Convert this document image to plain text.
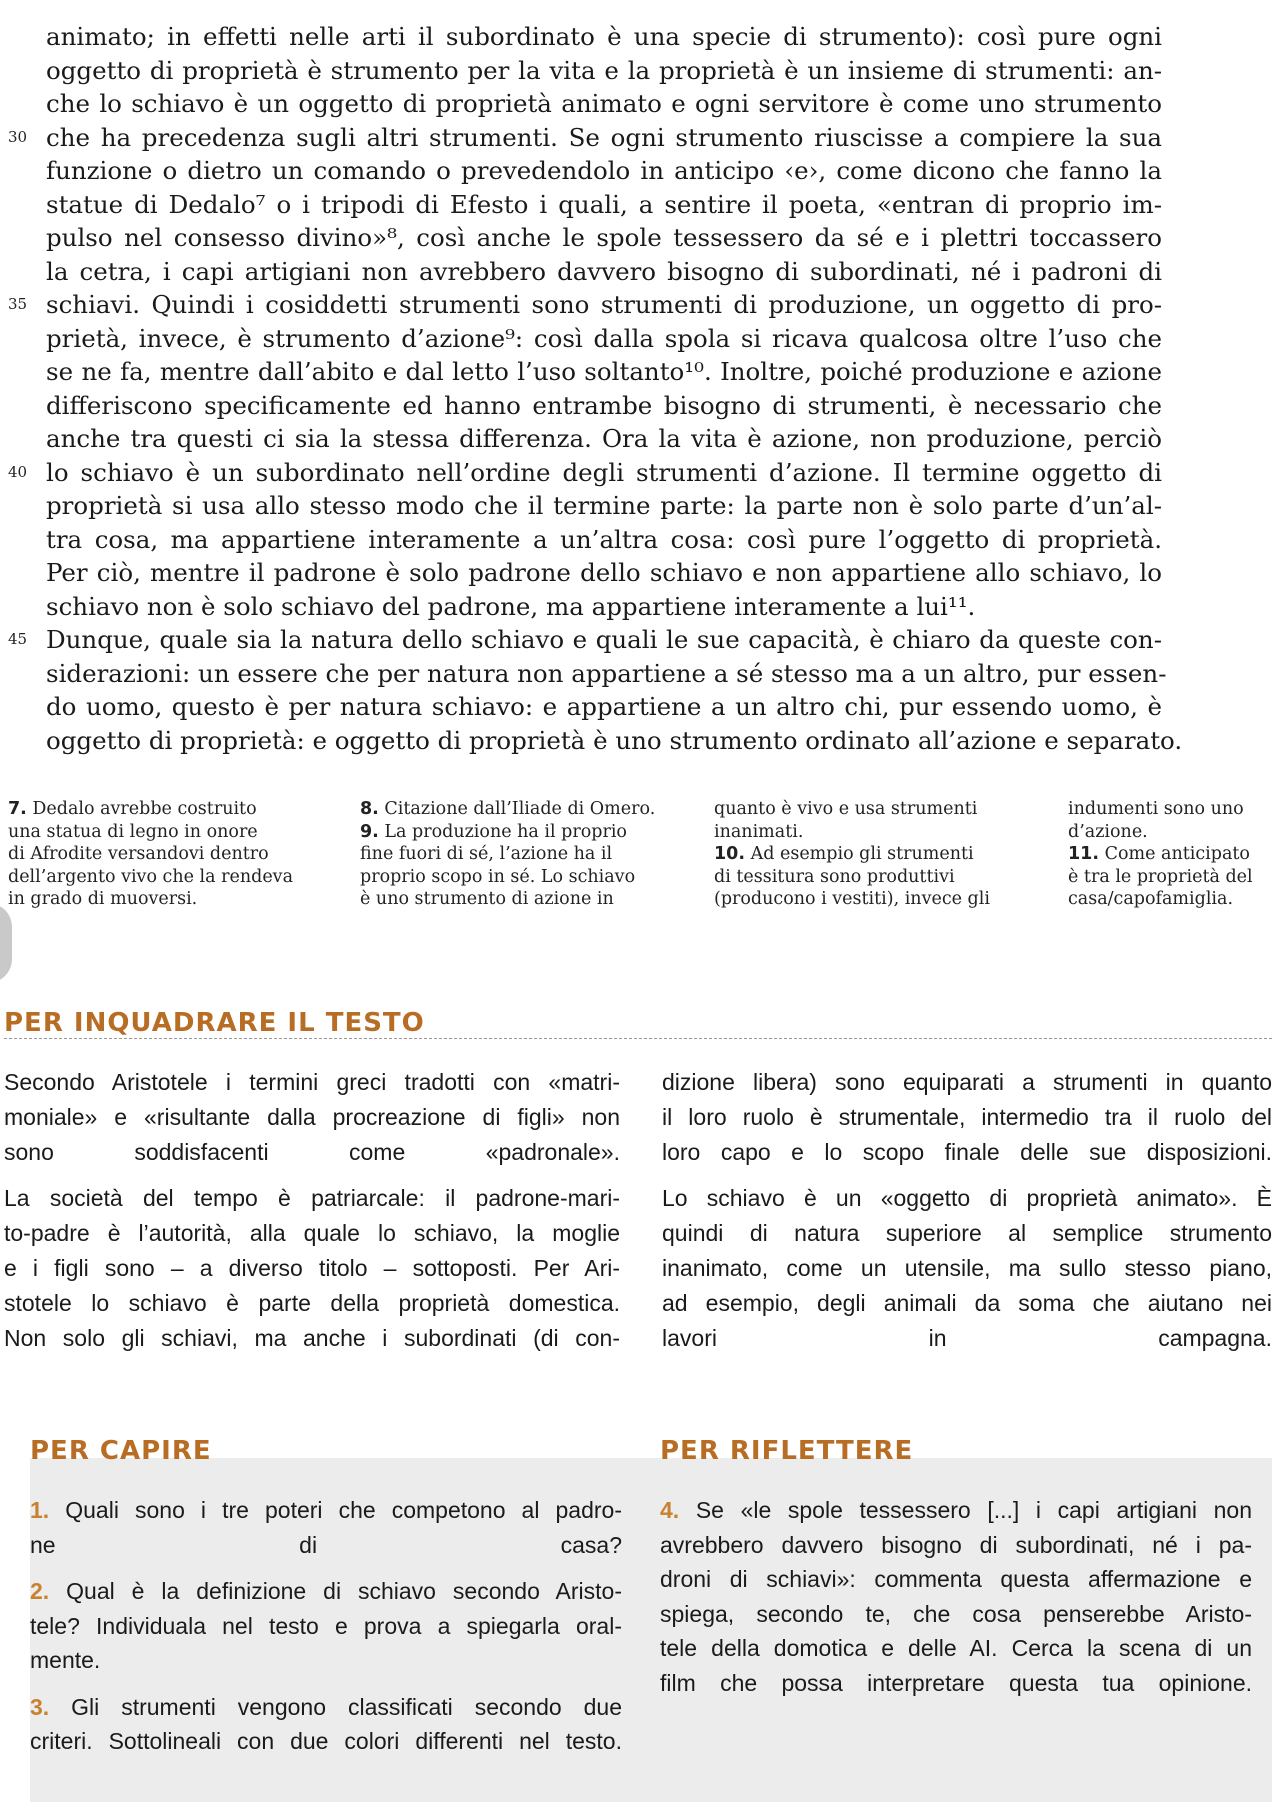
animato; in effetti nelle arti il subordinato è una specie di strumento): così pure ogni
oggetto di proprietà è strumento per la vita e la proprietà è un insieme di strumenti: an-
che lo schiavo è un oggetto di proprietà animato e ogni servitore è come uno strumento
30 che ha precedenza sugli altri strumenti. Se ogni strumento riuscisse a compiere la sua
funzione o dietro un comando o prevedendolo in anticipo ‹e›, come dicono che fanno la
statue di Dedalo⁷ o i tripodi di Efesto i quali, a sentire il poeta, «entran di proprio im-
pulso nel consesso divino»⁸, così anche le spole tessessero da sé e i plettri toccassero
la cetra, i capi artigiani non avrebbero davvero bisogno di subordinati, né i padroni di
35 schiavi. Quindi i cosiddetti strumenti sono strumenti di produzione, un oggetto di pro-
prietà, invece, è strumento d’azione⁹: così dalla spola si ricava qualcosa oltre l’uso che
se ne fa, mentre dall’abito e dal letto l’uso soltanto¹⁰. Inoltre, poiché produzione e azione
differiscono specificamente ed hanno entrambe bisogno di strumenti, è necessario che
anche tra questi ci sia la stessa differenza. Ora la vita è azione, non produzione, perciò
40 lo schiavo è un subordinato nell’ordine degli strumenti d’azione. Il termine oggetto di
proprietà si usa allo stesso modo che il termine parte: la parte non è solo parte d’un’al-
tra cosa, ma appartiene interamente a un’altra cosa: così pure l’oggetto di proprietà.
Per ciò, mentre il padrone è solo padrone dello schiavo e non appartiene allo schiavo, lo
schiavo non è solo schiavo del padrone, ma appartiene interamente a lui¹¹.
45 Dunque, quale sia la natura dello schiavo e quali le sue capacità, è chiaro da queste con-
siderazioni: un essere che per natura non appartiene a sé stesso ma a un altro, pur essen-
do uomo, questo è per natura schiavo: e appartiene a un altro chi, pur essendo uomo, è
oggetto di proprietà: e oggetto di proprietà è uno strumento ordinato all’azione e separato.
7. Dedalo avrebbe costruito
una statua di legno in onore
di Afrodite versandovi dentro
dell’argento vivo che la rendeva
in grado di muoversi.
8. Citazione dall’Iliade di Omero.
9. La produzione ha il proprio
fine fuori di sé, l’azione ha il
proprio scopo in sé. Lo schiavo
è uno strumento di azione in
quanto è vivo e usa strumenti
inanimati.
10. Ad esempio gli strumenti
di tessitura sono produttivi
(producono i vestiti), invece gli
indumenti sono uno
d’azione.
11. Come anticipato
è tra le proprietà del
casa/capofamiglia.
PER INQUADRARE IL TESTO
Secondo Aristotele i termini greci tradotti con «matri-
moniale» e «risultante dalla procreazione di figli» non
sono soddisfacenti come «padronale».
La società del tempo è patriarcale: il padrone-mari-
to-padre è l’autorità, alla quale lo schiavo, la moglie
e i figli sono – a diverso titolo – sottoposti. Per Ari-
stotele lo schiavo è parte della proprietà domestica.
Non solo gli schiavi, ma anche i subordinati (di con-
dizione libera) sono equiparati a strumenti in quanto
il loro ruolo è strumentale, intermedio tra il ruolo del
loro capo e lo scopo finale delle sue disposizioni.
Lo schiavo è un «oggetto di proprietà animato». È
quindi di natura superiore al semplice strumento
inanimato, come un utensile, ma sullo stesso piano,
ad esempio, degli animali da soma che aiutano nei
lavori in campagna.
PER CAPIRE	PER RIFLETTERE
1. Quali sono i tre poteri che competono al padro-
ne di casa?
2. Qual è la definizione di schiavo secondo Aristo-
tele? Individuala nel testo e prova a spiegarla oral-
mente.
3. Gli strumenti vengono classificati secondo due
criteri. Sottolineali con due colori differenti nel testo.
4. Se «le spole tessessero [...] i capi artigiani non
avrebbero davvero bisogno di subordinati, né i pa-
droni di schiavi»: commenta questa affermazione e
spiega, secondo te, che cosa penserebbe Aristo-
tele della domotica e delle AI. Cerca la scena di un
film che possa interpretare questa tua opinione.
